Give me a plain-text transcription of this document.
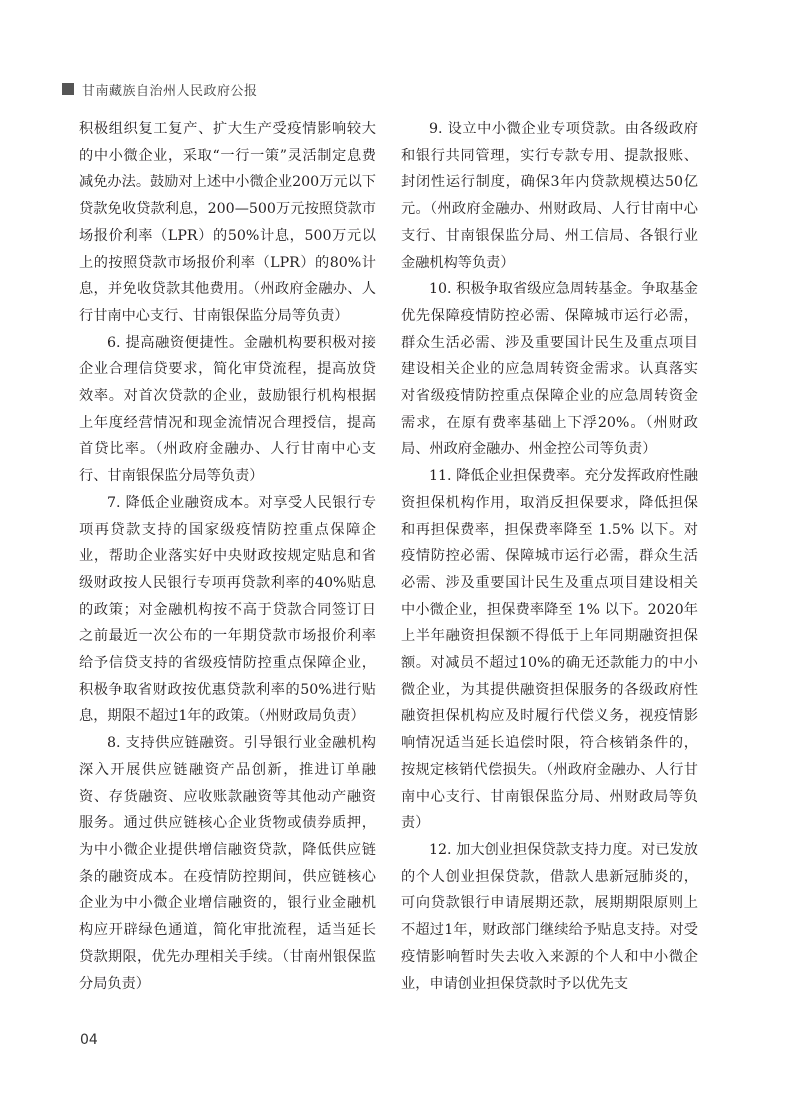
甘南藏族自治州人民政府公报

积极组织复工复产、扩大生产受疫情影响较大的中小微企业，采取“一行一策”灵活制定息费减免办法。鼓励对上述中小微企业200万元以下贷款免收贷款利息，200—500万元按照贷款市场报价利率（LPR）的50%计息，500万元以上的按照贷款市场报价利率（LPR）的80%计息，并免收贷款其他费用。（州政府金融办、人行甘南中心支行、甘南银保监分局等负责）

6. 提高融资便捷性。金融机构要积极对接企业合理信贷要求，简化审贷流程，提高放贷效率。对首次贷款的企业，鼓励银行机构根据上年度经营情况和现金流情况合理授信，提高首贷比率。（州政府金融办、人行甘南中心支行、甘南银保监分局等负责）

7. 降低企业融资成本。对享受人民银行专项再贷款支持的国家级疫情防控重点保障企业，帮助企业落实好中央财政按规定贴息和省级财政按人民银行专项再贷款利率的40%贴息的政策；对金融机构按不高于贷款合同签订日之前最近一次公布的一年期贷款市场报价利率给予信贷支持的省级疫情防控重点保障企业，积极争取省财政按优惠贷款利率的50%进行贴息，期限不超过1年的政策。（州财政局负责）

8. 支持供应链融资。引导银行业金融机构深入开展供应链融资产品创新，推进订单融资、存货融资、应收账款融资等其他动产融资服务。通过供应链核心企业货物或债券质押，为中小微企业提供增信融资贷款，降低供应链条的融资成本。在疫情防控期间，供应链核心企业为中小微企业增信融资的，银行业金融机构应开辟绿色通道，简化审批流程，适当延长贷款期限，优先办理相关手续。（甘南州银保监分局负责）

9. 设立中小微企业专项贷款。由各级政府和银行共同管理，实行专款专用、提款报账、封闭性运行制度，确保3年内贷款规模达50亿元。（州政府金融办、州财政局、人行甘南中心支行、甘南银保监分局、州工信局、各银行业金融机构等负责）

10. 积极争取省级应急周转基金。争取基金优先保障疫情防控必需、保障城市运行必需，群众生活必需、涉及重要国计民生及重点项目建设相关企业的应急周转资金需求。认真落实对省级疫情防控重点保障企业的应急周转资金需求，在原有费率基础上下浮20%。（州财政局、州政府金融办、州金控公司等负责）

11. 降低企业担保费率。充分发挥政府性融资担保机构作用，取消反担保要求，降低担保和再担保费率，担保费率降至 1.5% 以下。对疫情防控必需、保障城市运行必需，群众生活必需、涉及重要国计民生及重点项目建设相关中小微企业，担保费率降至 1% 以下。2020年上半年融资担保额不得低于上年同期融资担保额。对减员不超过10%的确无还款能力的中小微企业，为其提供融资担保服务的各级政府性融资担保机构应及时履行代偿义务，视疫情影响情况适当延长追偿时限，符合核销条件的，按规定核销代偿损失。（州政府金融办、人行甘南中心支行、甘南银保监分局、州财政局等负责）

12. 加大创业担保贷款支持力度。对已发放的个人创业担保贷款，借款人患新冠肺炎的，可向贷款银行申请展期还款，展期期限原则上不超过1年，财政部门继续给予贴息支持。对受疫情影响暂时失去收入来源的个人和中小微企业，申请创业担保贷款时予以优先支

04
